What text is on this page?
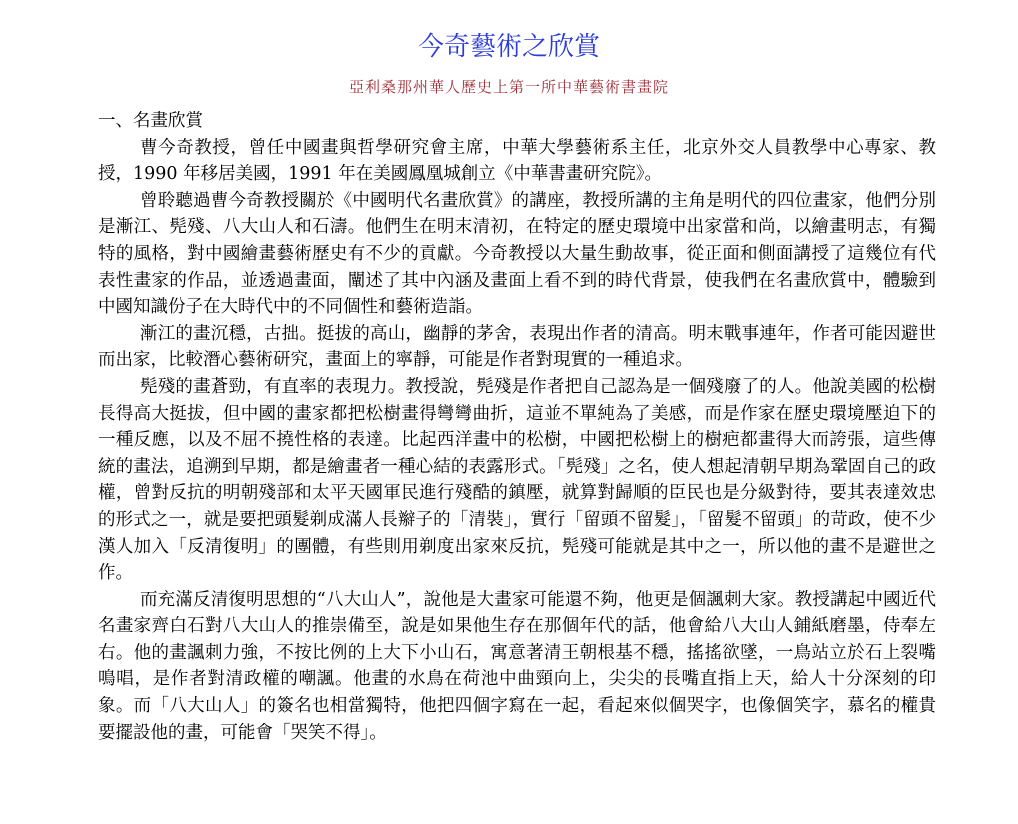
今奇藝術之欣賞
亞利桑那州華人歷史上第一所中華藝術書畫院
一、名畫欣賞

曹今奇教授，曾任中國畫與哲學研究會主席，中華大學藝術系主任，北京外交人員教學中心專家、教授，1990 年移居美國，1991 年在美國鳳凰城創立《中華書畫研究院》。

曾聆聽過曹今奇教授關於《中國明代名畫欣賞》的講座，教授所講的主角是明代的四位畫家，他們分別是漸江、髡殘、八大山人和石濤。他們生在明末清初，在特定的歷史環境中出家當和尚，以繪畫明志，有獨特的風格，對中國繪畫藝術歷史有不少的貢獻。今奇教授以大量生動故事，從正面和側面講授了這幾位有代表性畫家的作品，並透過畫面，闡述了其中內涵及畫面上看不到的時代背景，使我們在名畫欣賞中，體驗到中國知識份子在大時代中的不同個性和藝術造詣。

漸江的畫沉穩，古拙。挺拔的高山，幽靜的茅舍，表現出作者的清高。明末戰事連年，作者可能因避世而出家，比較潛心藝術研究，畫面上的寧靜，可能是作者對現實的一種追求。

髡殘的畫蒼勁，有直率的表現力。教授說，髡殘是作者把自己認為是一個殘廢了的人。他說美國的松樹長得高大挺拔，但中國的畫家都把松樹畫得彎彎曲折，這並不單純為了美感，而是作家在歷史環境壓迫下的一種反應，以及不屈不撓性格的表達。比起西洋畫中的松樹，中國把松樹上的樹疤都畫得大而誇張，這些傳統的畫法，追溯到早期，都是繪畫者一種心結的表露形式。「髡殘」之名，使人想起清朝早期為鞏固自己的政權，曾對反抗的明朝殘部和太平天國軍民進行殘酷的鎮壓，就算對歸順的臣民也是分級對待，要其表達效忠的形式之一，就是要把頭髮剃成滿人長辮子的「清裝」，實行「留頭不留髮」，「留髮不留頭」的苛政，使不少漢人加入「反清復明」的團體，有些則用剃度出家來反抗，髡殘可能就是其中之一，所以他的畫不是避世之作。

而充滿反清復明思想的“八大山人”，說他是大畫家可能還不夠，他更是個諷刺大家。教授講起中國近代名畫家齊白石對八大山人的推崇備至，說是如果他生存在那個年代的話，他會給八大山人鋪紙磨墨，侍奉左右。他的畫諷刺力強，不按比例的上大下小山石，寓意著清王朝根基不穩，搖搖欲墜，一鳥站立於石上裂嘴鳴唱，是作者對清政權的嘲諷。他畫的水鳥在荷池中曲頸向上，尖尖的長嘴直指上天，給人十分深刻的印象。而「八大山人」的簽名也相當獨特，他把四個字寫在一起，看起來似個哭字，也像個笑字，慕名的權貴要擺設他的畫，可能會「哭笑不得」。
